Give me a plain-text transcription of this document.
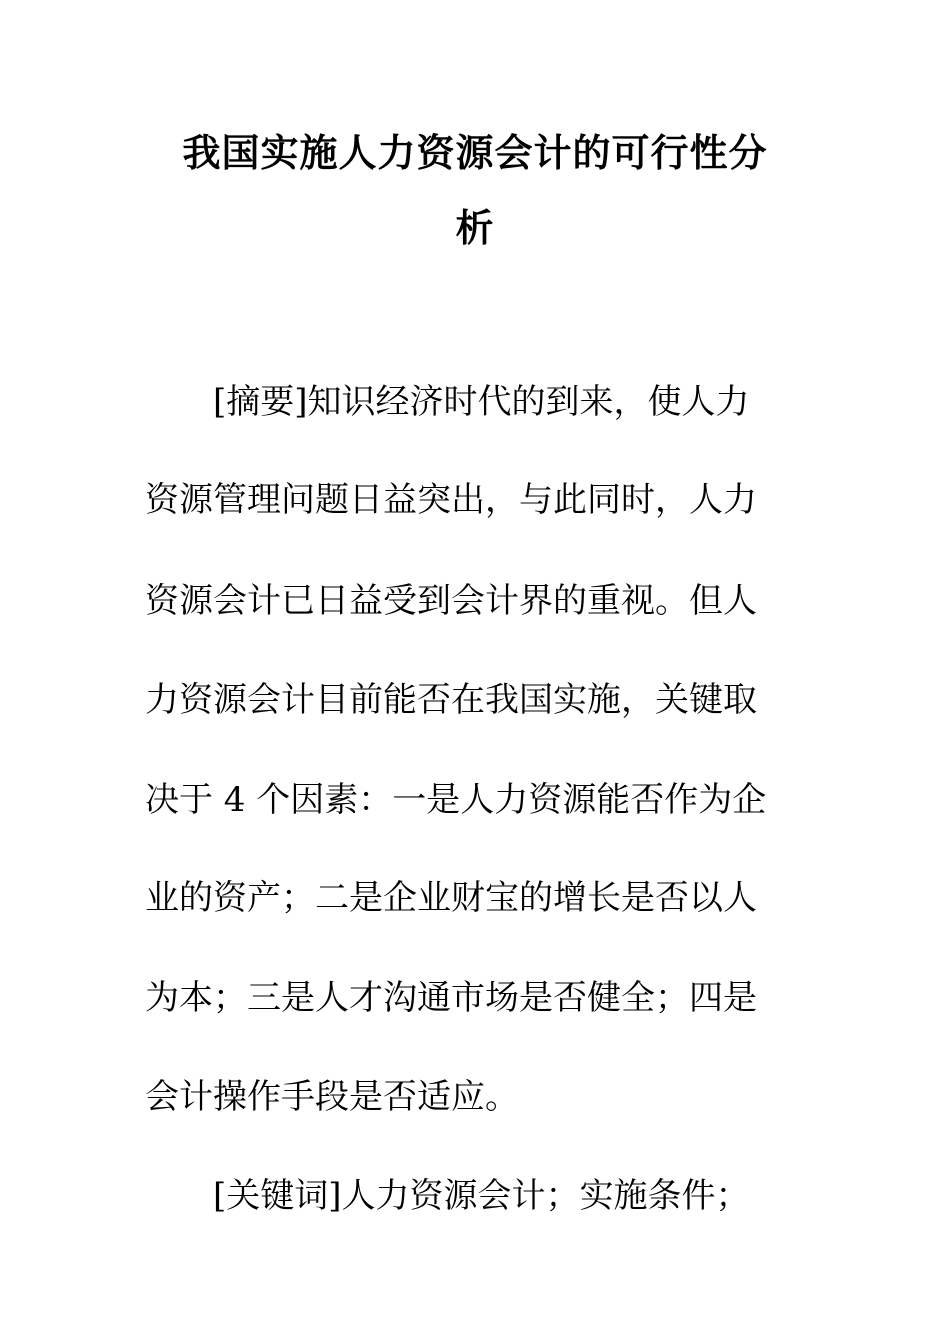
我国实施人力资源会计的可行性分
析

[摘要]知识经济时代的到来，使人力

资源管理问题日益突出，与此同时，人力

资源会计已日益受到会计界的重视。但人

力资源会计目前能否在我国实施，关键取

决于 4 个因素：一是人力资源能否作为企

业的资产；二是企业财宝的增长是否以人

为本；三是人才沟通市场是否健全；四是

会计操作手段是否适应。

[关键词]人力资源会计；实施条件；
